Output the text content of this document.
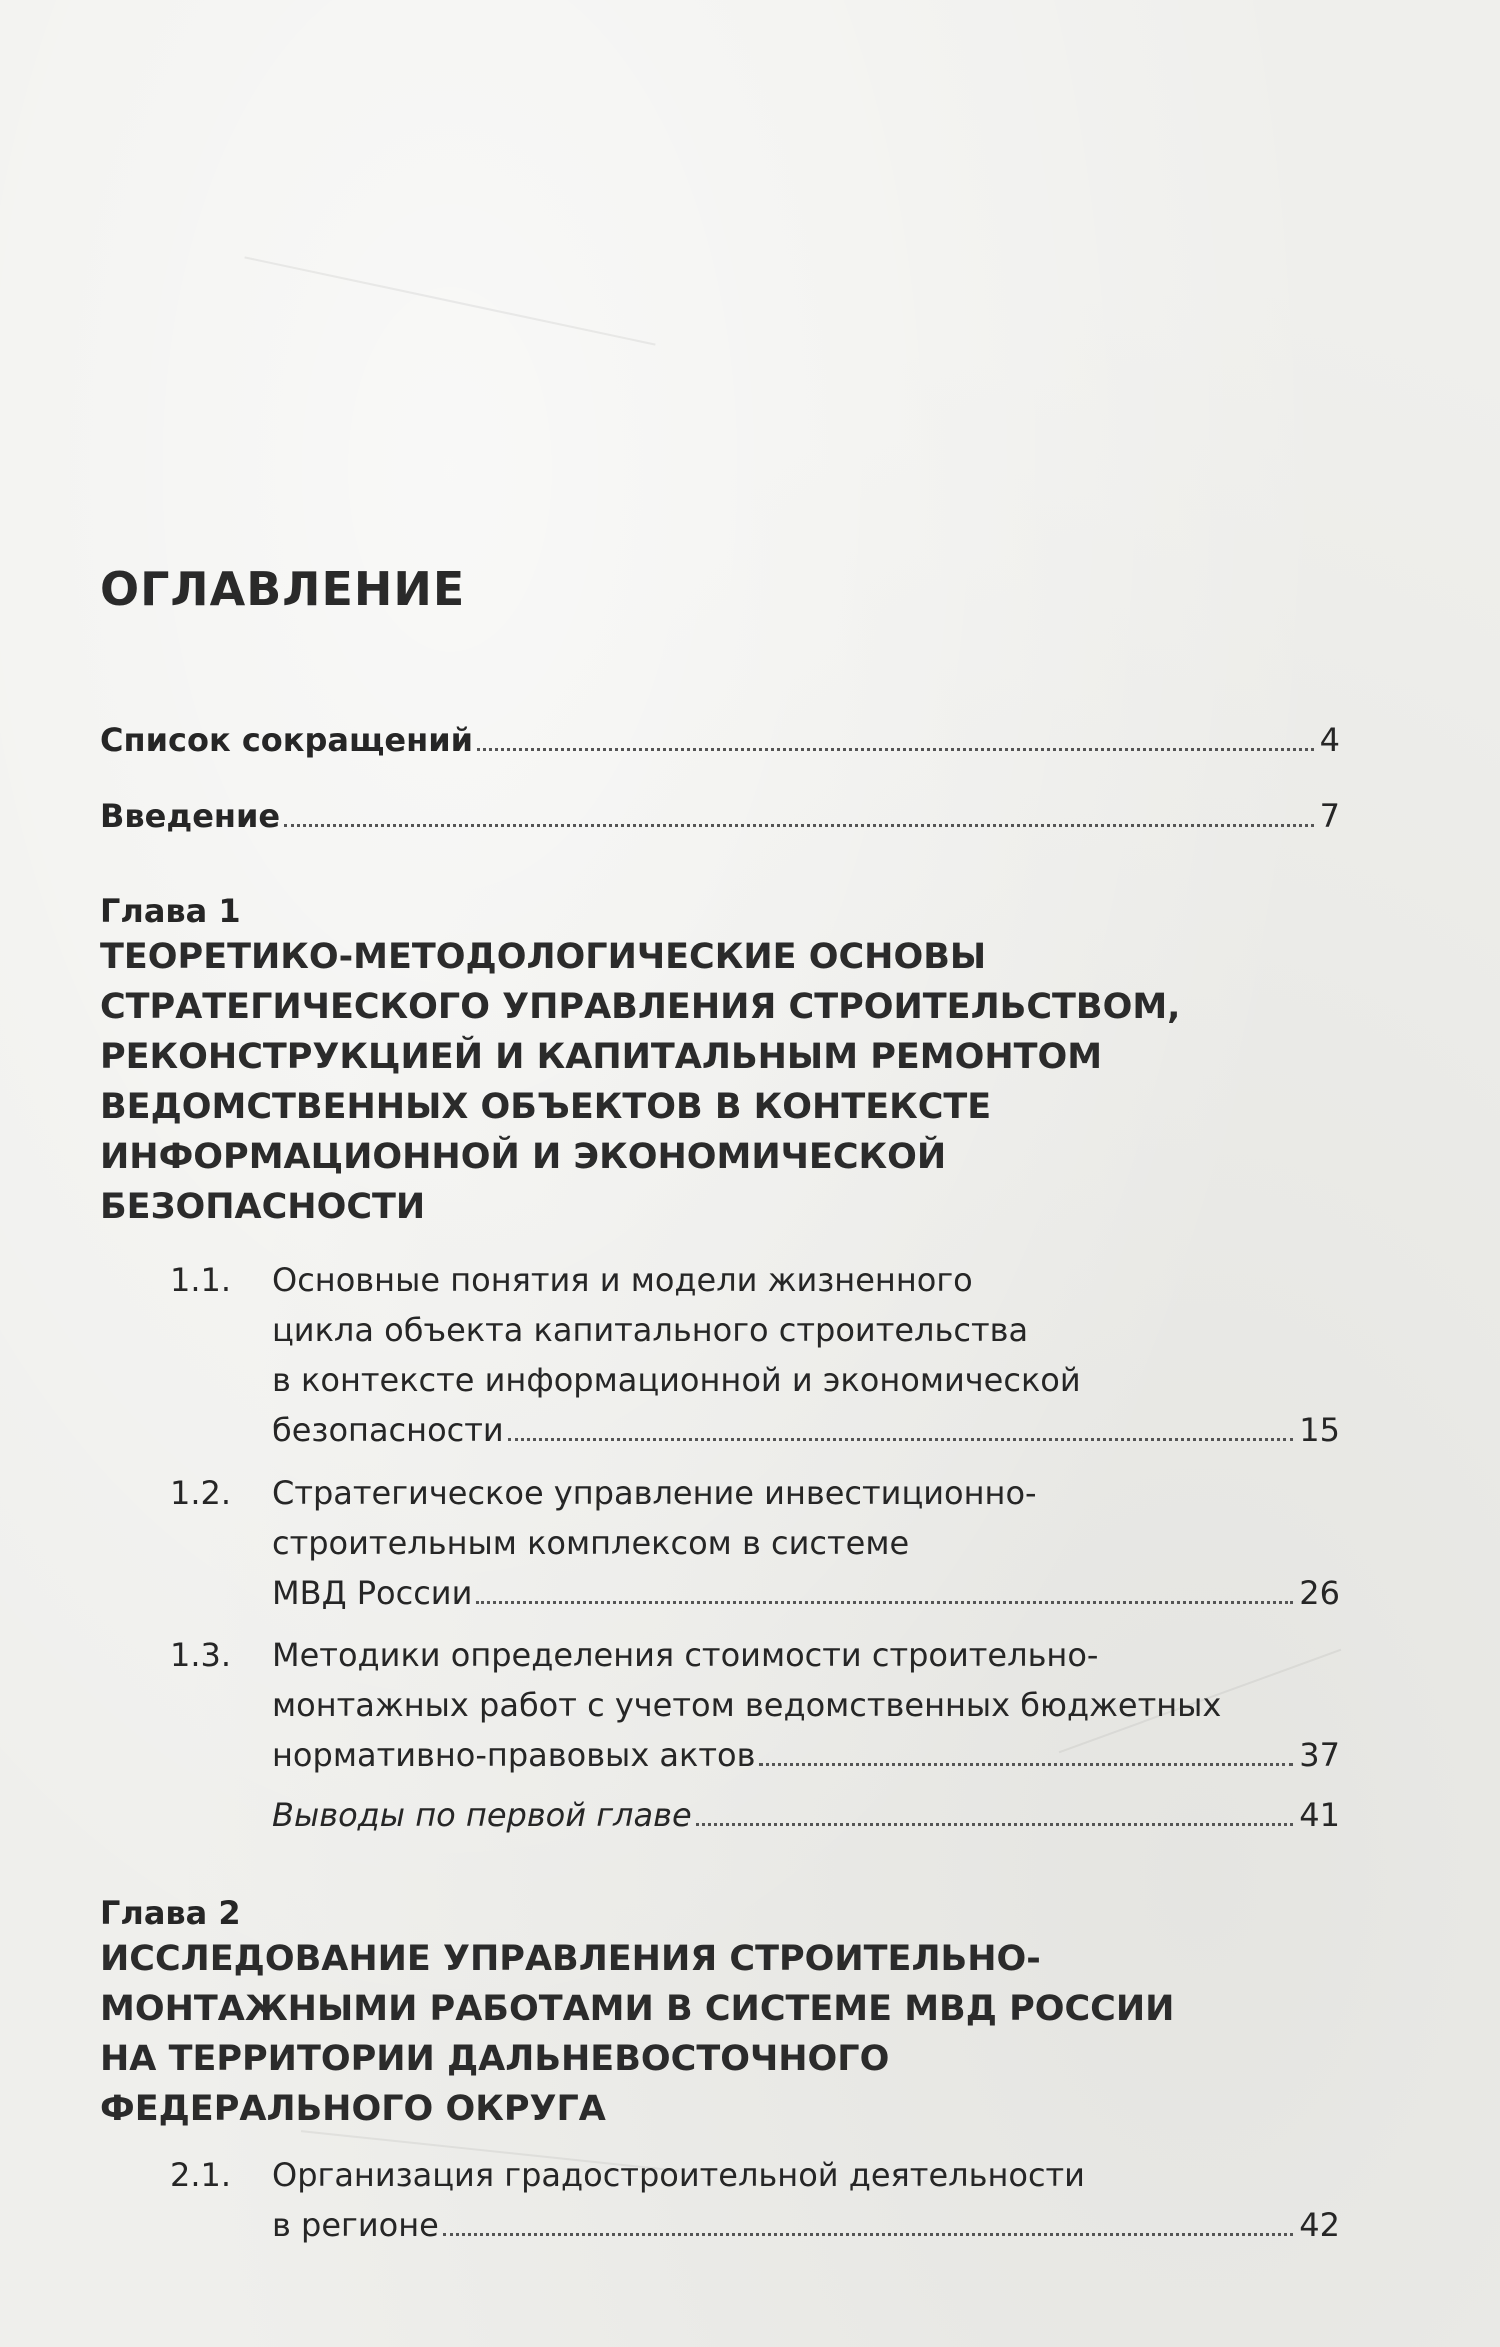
ОГЛАВЛЕНИЕ
Список сокращений	4
Введение	7
Глава 1
ТЕОРЕТИКО-МЕТОДОЛОГИЧЕСКИЕ ОСНОВЫ
СТРАТЕГИЧЕСКОГО УПРАВЛЕНИЯ СТРОИТЕЛЬСТВОМ,
РЕКОНСТРУКЦИЕЙ И КАПИТАЛЬНЫМ РЕМОНТОМ
ВЕДОМСТВЕННЫХ ОБЪЕКТОВ В КОНТЕКСТЕ
ИНФОРМАЦИОННОЙ И ЭКОНОМИЧЕСКОЙ
БЕЗОПАСНОСТИ
1.1.	Основные понятия и модели жизненного
цикла объекта капитального строительства
в контексте информационной и экономической
безопасности	15
1.2.	Стратегическое управление инвестиционно-
строительным комплексом в системе
МВД России	26
1.3.	Методики определения стоимости строительно-
монтажных работ с учетом ведомственных бюджетных
нормативно-правовых актов	37
Выводы по первой главе	41
Глава 2
ИССЛЕДОВАНИЕ УПРАВЛЕНИЯ СТРОИТЕЛЬНО-
МОНТАЖНЫМИ РАБОТАМИ В СИСТЕМЕ МВД РОССИИ
НА ТЕРРИТОРИИ ДАЛЬНЕВОСТОЧНОГО
ФЕДЕРАЛЬНОГО ОКРУГА
2.1.	Организация градостроительной деятельности
в регионе	42
